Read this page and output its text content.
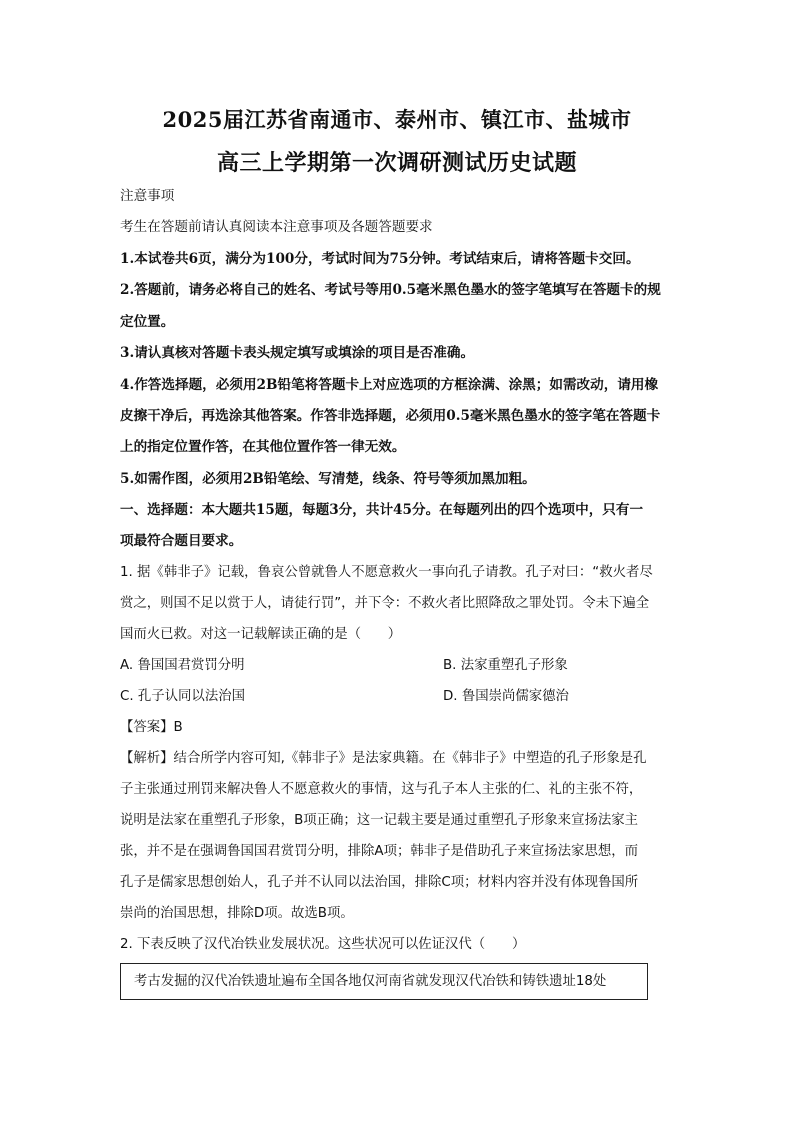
2025届江苏省南通市、泰州市、镇江市、盐城市
高三上学期第一次调研测试历史试题
注意事项
考生在答题前请认真阅读本注意事项及各题答题要求
1.本试卷共6页，满分为100分，考试时间为75分钟。考试结束后，请将答题卡交回。
2.答题前，请务必将自己的姓名、考试号等用0.5毫米黑色墨水的签字笔填写在答题卡的规
定位置。
3.请认真核对答题卡表头规定填写或填涂的项目是否准确。
4.作答选择题，必须用2B铅笔将答题卡上对应选项的方框涂满、涂黑；如需改动，请用橡
皮擦干净后，再选涂其他答案。作答非选择题，必须用0.5毫米黑色墨水的签字笔在答题卡
上的指定位置作答，在其他位置作答一律无效。
5.如需作图，必须用2B铅笔绘、写清楚，线条、符号等须加黑加粗。
一、选择题：本大题共15题，每题3分，共计45分。在每题列出的四个选项中，只有一
项最符合题目要求。
1. 据《韩非子》记载，鲁哀公曾就鲁人不愿意救火一事向孔子请教。孔子对曰：“救火者尽
赏之，则国不足以赏于人，请徒行罚”，并下令：不救火者比照降敌之罪处罚。令未下遍全
国而火已救。对这一记载解读正确的是（　　）
A. 鲁国国君赏罚分明	B. 法家重塑孔子形象
C. 孔子认同以法治国	D. 鲁国崇尚儒家德治
【答案】B
【解析】结合所学内容可知,《韩非子》是法家典籍。在《韩非子》中塑造的孔子形象是孔
子主张通过刑罚来解决鲁人不愿意救火的事情，这与孔子本人主张的仁、礼的主张不符，
说明是法家在重塑孔子形象，B项正确；这一记载主要是通过重塑孔子形象来宣扬法家主
张，并不是在强调鲁国国君赏罚分明，排除A项；韩非子是借助孔子来宣扬法家思想，而
孔子是儒家思想创始人，孔子并不认同以法治国，排除C项；材料内容并没有体现鲁国所
崇尚的治国思想，排除D项。故选B项。
2. 下表反映了汉代冶铁业发展状况。这些状况可以佐证汉代（　　）
考古发掘的汉代冶铁遗址遍布全国各地仅河南省就发现汉代冶铁和铸铁遗址18处
